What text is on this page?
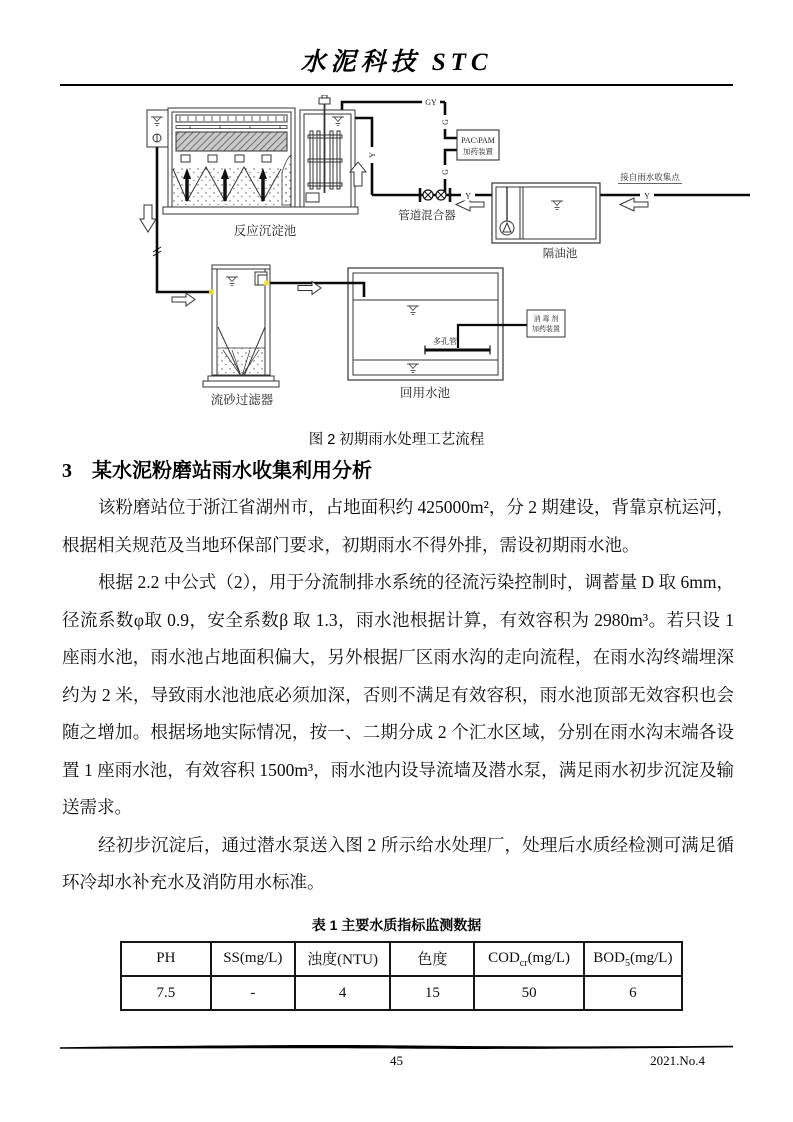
水泥科技 STC
反应沉淀池
PAC\PAM
加药装置
管道混合器
隔油池
流砂过滤器
多孔管
消 毒 剂
加药装置
回用水池
GY
G
G
Y
Y	Y
接自雨水收集点
图 2 初期雨水处理工艺流程
3 某水泥粉磨站雨水收集利用分析

该粉磨站位于浙江省湖州市，占地面积约 425000m²，分 2 期建设，背靠京杭运河，根据相关规范及当地环保部门要求，初期雨水不得外排，需设初期雨水池。

根据 2.2 中公式（2），用于分流制排水系统的径流污染控制时，调蓄量 D 取 6mm，径流系数φ取 0.9，安全系数β 取 1.3，雨水池根据计算，有效容积为 2980m³。若只设 1 座雨水池，雨水池占地面积偏大，另外根据厂区雨水沟的走向流程，在雨水沟终端埋深约为 2 米，导致雨水池池底必须加深，否则不满足有效容积，雨水池顶部无效容积也会随之增加。根据场地实际情况，按一、二期分成 2 个汇水区域，分别在雨水沟末端各设置 1 座雨水池，有效容积 1500m³，雨水池内设导流墙及潜水泵，满足雨水初步沉淀及输送需求。

经初步沉淀后，通过潜水泵送入图 2 所示给水处理厂，处理后水质经检测可满足循环冷却水补充水及消防用水标准。

表 1 主要水质指标监测数据
PH	SS(mg/L)	浊度(NTU)	色度	$COD_{cr}(mg/L)$	$BOD_5(mg/L)$
7.5	-	4	15	50	6
45	2021.No.4
